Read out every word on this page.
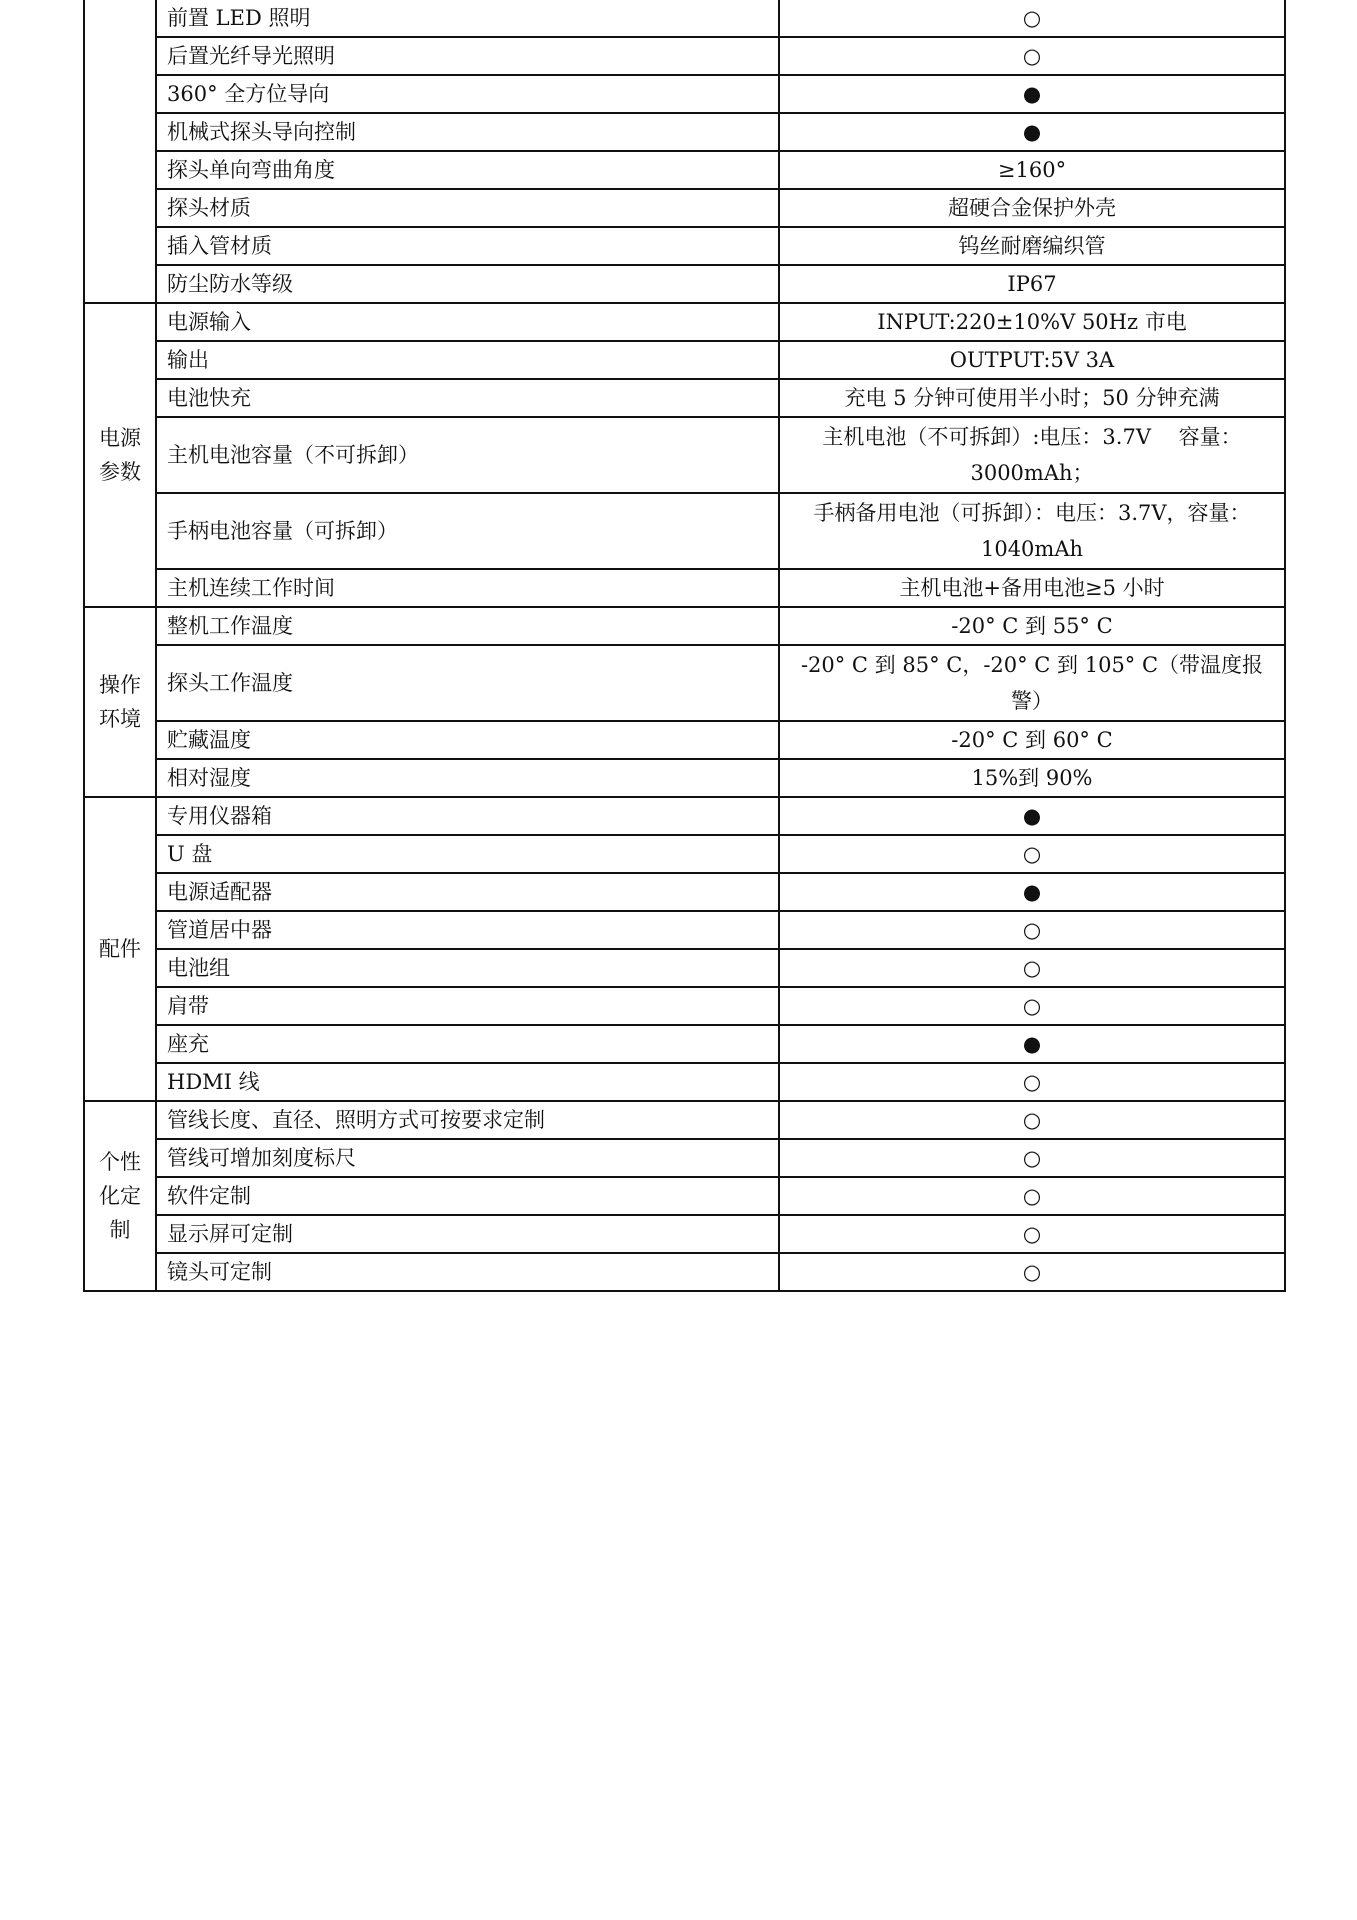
	前置 LED 照明	○
	后置光纤导光照明	○
	360° 全方位导向	●
	机械式探头导向控制	●
	探头单向弯曲角度	≥160°
	探头材质	超硬合金保护外壳
	插入管材质	钨丝耐磨编织管
	防尘防水等级	IP67
电源参数	电源输入	INPUT:220±10%V 50Hz 市电
	输出	OUTPUT:5V 3A
	电池快充	充电 5 分钟可使用半小时；50 分钟充满
	主机电池容量（不可拆卸）	主机电池（不可拆卸）:电压：3.7V　 容量：3000mAh；
	手柄电池容量（可拆卸）	手柄备用电池（可拆卸）：电压：3.7V，容量：1040mAh
	主机连续工作时间	主机电池+备用电池≥5 小时
操作环境	整机工作温度	-20° C 到 55° C
	探头工作温度	-20° C 到 85° C，-20° C 到 105° C（带温度报警）
	贮藏温度	-20° C 到 60° C
	相对湿度	15%到 90%
配件	专用仪器箱	●
	U 盘	○
	电源适配器	●
	管道居中器	○
	电池组	○
	肩带	○
	座充	●
	HDMI 线	○
个性化定制	管线长度、直径、照明方式可按要求定制	○
	管线可增加刻度标尺	○
	软件定制	○
	显示屏可定制	○
	镜头可定制	○
